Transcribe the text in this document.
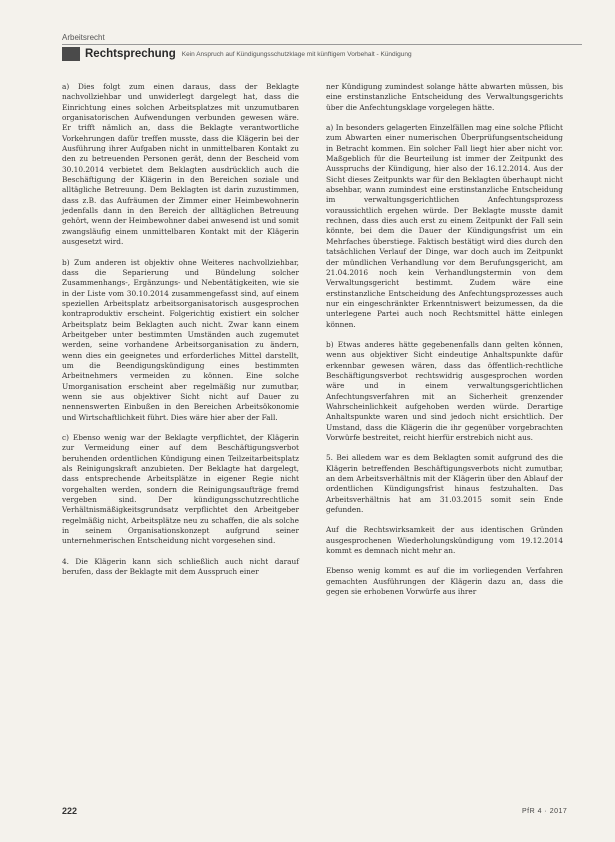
Arbeitsrecht
Rechtsprechung Kein Anspruch auf Kündigungsschutzklage mit künftigem Vorbehalt - Kündigung

a) Dies folgt zum einen daraus, dass der Beklagte nachvollziehbar und unwiderlegt dargelegt hat, dass die Einrichtung eines solchen Arbeitsplatzes mit unzumutbaren organisatorischen Aufwendungen verbunden gewesen wäre. Er trifft nämlich an, dass die Beklagte verantwortliche Vorkehrungen dafür treffen musste, dass die Klägerin bei der Ausführung ihrer Aufgaben nicht in unmittelbaren Kontakt zu den zu betreuenden Personen gerät, denn der Bescheid vom 30.10.2014 verbietet dem Beklagten ausdrücklich auch die Beschäftigung der Klägerin in den Bereichen soziale und alltägliche Betreuung. Dem Beklagten ist darin zuzustimmen, dass z.B. das Aufräumen der Zimmer einer Heimbewohnerin jedenfalls dann in den Bereich der alltäglichen Betreuung gehört, wenn der Heimbewohner dabei anwesend ist und somit zwangsläufig einem unmittelbaren Kontakt mit der Klägerin ausgesetzt wird.

b) Zum anderen ist objektiv ohne Weiteres nachvollziehbar, dass die Separierung und Bündelung solcher Zusammenhangs-, Ergänzungs- und Nebentätigkeiten, wie sie in der Liste vom 30.10.2014 zusammengefasst sind, auf einem speziellen Arbeitsplatz arbeitsorganisatorisch ausgesprochen kontraproduktiv erscheint. Folgerichtig existiert ein solcher Arbeitsplatz beim Beklagten auch nicht. Zwar kann einem Arbeitgeber unter bestimmten Umständen auch zugemutet werden, seine vorhandene Arbeitsorganisation zu ändern, wenn dies ein geeignetes und erforderliches Mittel darstellt, um die Beendigungskündigung eines bestimmten Arbeitnehmers vermeiden zu können. Eine solche Umorganisation erscheint aber regelmäßig nur zumutbar, wenn sie aus objektiver Sicht nicht auf Dauer zu nennenswerten Einbußen in den Bereichen Arbeitsökonomie und Wirtschaftlichkeit führt. Dies wäre hier aber der Fall.

c) Ebenso wenig war der Beklagte verpflichtet, der Klägerin zur Vermeidung einer auf dem Beschäftigungsverbot beruhenden ordentlichen Kündigung einen Teilzeitarbeitsplatz als Reinigungskraft anzubieten. Der Beklagte hat dargelegt, dass entsprechende Arbeitsplätze in eigener Regie nicht vorgehalten werden, sondern die Reinigungsaufträge fremd vergeben sind. Der kündigungsschutzrechtliche Verhältnismäßigkeitsgrundsatz verpflichtet den Arbeitgeber regelmäßig nicht, Arbeitsplätze neu zu schaffen, die als solche in seinem Organisationskonzept aufgrund seiner unternehmerischen Entscheidung nicht vorgesehen sind.

4. Die Klägerin kann sich schließlich auch nicht darauf berufen, dass der Beklagte mit dem Ausspruch einer

ner Kündigung zumindest solange hätte abwarten müssen, bis eine erstinstanzliche Entscheidung des Verwaltungsgerichts über die Anfechtungsklage vorgelegen hätte.

a) In besonders gelagerten Einzelfällen mag eine solche Pflicht zum Abwarten einer numerischen Überprüfungsentscheidung in Betracht kommen. Ein solcher Fall liegt hier aber nicht vor. Maßgeblich für die Beurteilung ist immer der Zeitpunkt des Ausspruchs der Kündigung, hier also der 16.12.2014. Aus der Sicht dieses Zeitpunkts war für den Beklagten überhaupt nicht absehbar, wann zumindest eine erstinstanzliche Entscheidung im verwaltungsgerichtlichen Anfechtungsprozess voraussichtlich ergehen würde. Der Beklagte musste damit rechnen, dass dies auch erst zu einem Zeitpunkt der Fall sein könnte, bei dem die Dauer der Kündigungsfrist um ein Mehrfaches überstiege. Faktisch bestätigt wird dies durch den tatsächlichen Verlauf der Dinge, war doch auch im Zeitpunkt der mündlichen Verhandlung vor dem Berufungsgericht, am 21.04.2016 noch kein Verhandlungstermin von dem Verwaltungsgericht bestimmt. Zudem wäre eine erstinstanzliche Entscheidung des Anfechtungsprozesses auch nur ein eingeschränkter Erkenntniswert beizumessen, da die unterlegene Partei auch noch Rechtsmittel hätte einlegen können.

b) Etwas anderes hätte gegebenenfalls dann gelten können, wenn aus objektiver Sicht eindeutige Anhaltspunkte dafür erkennbar gewesen wären, dass das öffentlich-rechtliche Beschäftigungsverbot rechtswidrig ausgesprochen worden wäre und in einem verwaltungsgerichtlichen Anfechtungsverfahren mit an Sicherheit grenzender Wahrscheinlichkeit aufgehoben werden würde. Derartige Anhaltspunkte waren und sind jedoch nicht ersichtlich. Der Umstand, dass die Klägerin die ihr gegenüber vorgebrachten Vorwürfe bestreitet, reicht hierfür erstrebich nicht aus.

5. Bei alledem war es dem Beklagten somit aufgrund des die Klägerin betreffenden Beschäftigungsverbots nicht zumutbar, an dem Arbeitsverhältnis mit der Klägerin über den Ablauf der ordentlichen Kündigungsfrist hinaus festzuhalten. Das Arbeitsverhältnis hat am 31.03.2015 somit sein Ende gefunden.

Auf die Rechtswirksamkeit der aus identischen Gründen ausgesprochenen Wiederholungskündigung vom 19.12.2014 kommt es demnach nicht mehr an.

Ebenso wenig kommt es auf die im vorliegenden Verfahren gemachten Ausführungen der Klägerin dazu an, dass die gegen sie erhobenen Vorwürfe aus ihrer

222	PfR 4 · 2017
